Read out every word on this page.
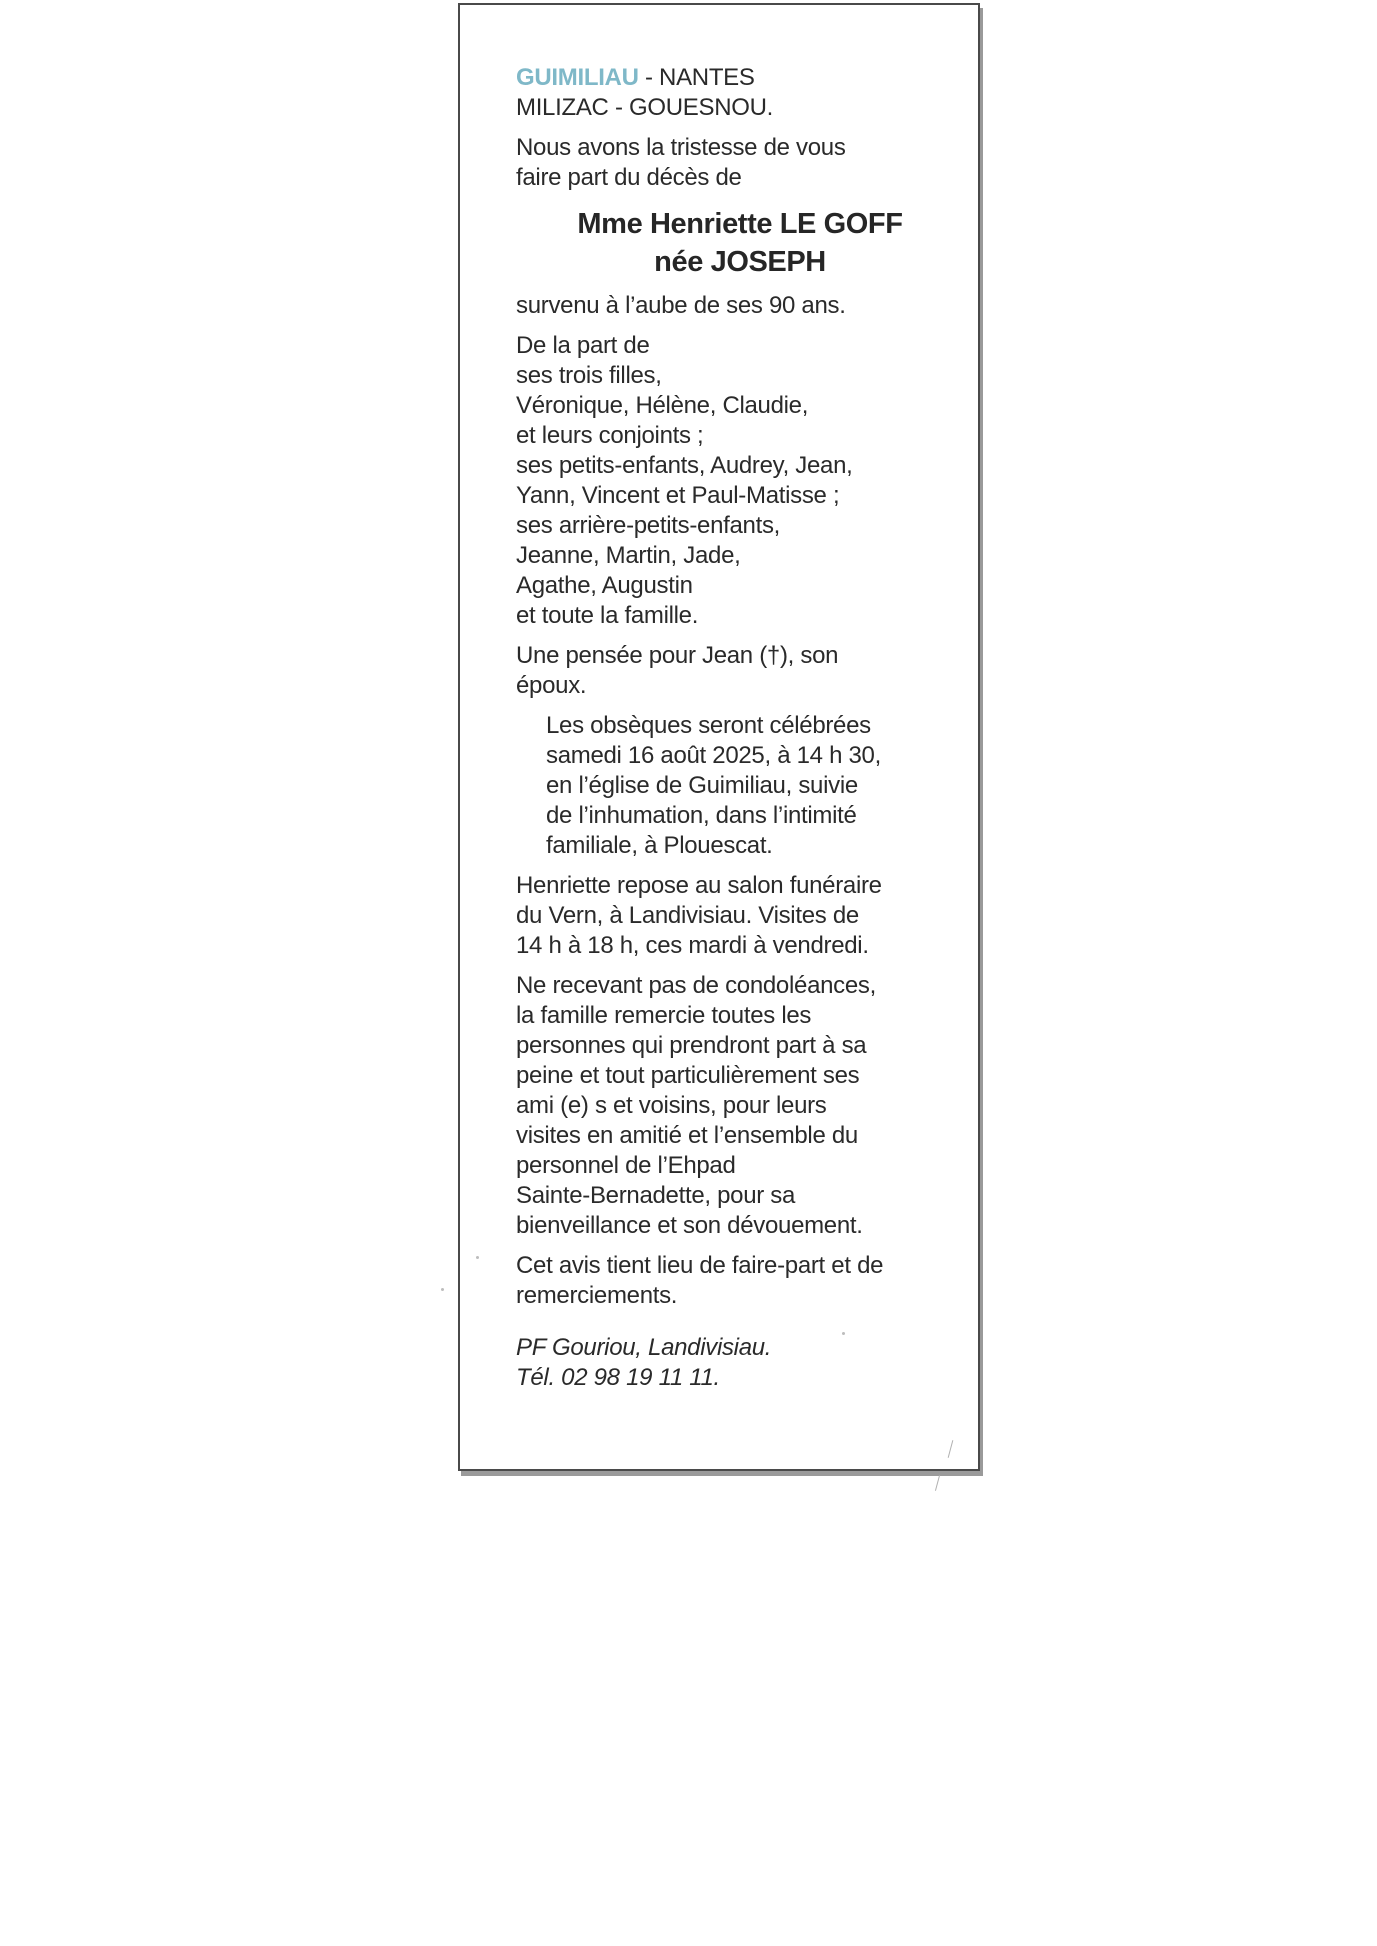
GUIMILIAU - NANTES
MILIZAC - GOUESNOU.
Nous avons la tristesse de vous
faire part du décès de
Mme Henriette LE GOFF
née JOSEPH
survenu à l’aube de ses 90 ans.
De la part de
ses trois filles,
Véronique, Hélène, Claudie,
et leurs conjoints ;
ses petits-enfants, Audrey, Jean,
Yann, Vincent et Paul-Matisse ;
ses arrière-petits-enfants,
Jeanne, Martin, Jade,
Agathe, Augustin
et toute la famille.
Une pensée pour Jean (†), son
époux.
Les obsèques seront célébrées
samedi 16 août 2025, à 14 h 30,
en l’église de Guimiliau, suivie
de l’inhumation, dans l’intimité
familiale, à Plouescat.
Henriette repose au salon funéraire
du Vern, à Landivisiau. Visites de
14 h à 18 h, ces mardi à vendredi.
Ne recevant pas de condoléances,
la famille remercie toutes les
personnes qui prendront part à sa
peine et tout particulièrement ses
ami (e) s et voisins, pour leurs
visites en amitié et l’ensemble du
personnel de l’Ehpad
Sainte-Bernadette, pour sa
bienveillance et son dévouement.
Cet avis tient lieu de faire-part et de
remerciements.
PF Gouriou, Landivisiau.
Tél. 02 98 19 11 11.
